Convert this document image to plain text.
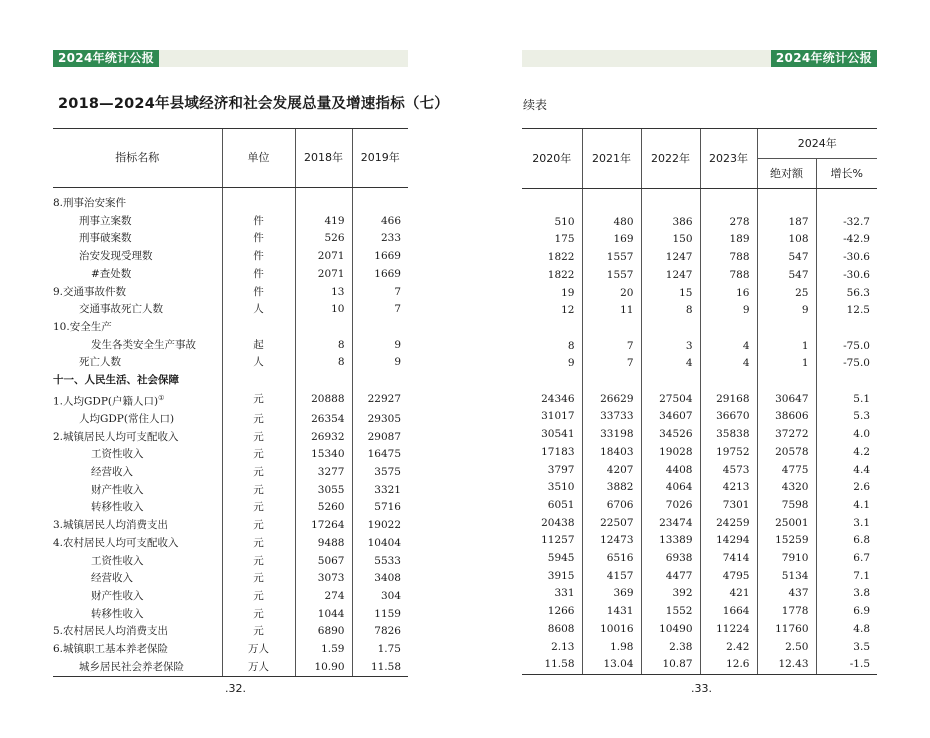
2024年统计公报
2018—2024年县域经济和社会发展总量及增速指标（七）
指标名称	单位	2018年	2019年
8.刑事治安案件			
刑事立案数	件	419	466
刑事破案数	件	526	233
治安发现受理数	件	2071	1669
#查处数	件	2071	1669
9.交通事故件数	件	13	7
交通事故死亡人数	人	10	7
10.安全生产			
发生各类安全生产事故	起	8	9
死亡人数	人	8	9
十一、人民生活、社会保障			
1.人均GDP(户籍人口)①	元	20888	22927
人均GDP(常住人口)	元	26354	29305
2.城镇居民人均可支配收入	元	26932	29087
工资性收入	元	15340	16475
经营收入	元	3277	3575
财产性收入	元	3055	3321
转移性收入	元	5260	5716
3.城镇居民人均消费支出	元	17264	19022
4.农村居民人均可支配收入	元	9488	10404
工资性收入	元	5067	5533
经营收入	元	3073	3408
财产性收入	元	274	304
转移性收入	元	1044	1159
5.农村居民人均消费支出	元	6890	7826
6.城镇职工基本养老保险	万人	1.59	1.75
城乡居民社会养老保险	万人	10.90	11.58
.32.
2024年统计公报
续表
2020年	2021年	2022年	2023年	2024年	
				绝对额	增长%

510	480	386	278	187	-32.7
175	169	150	189	108	-42.9
1822	1557	1247	788	547	-30.6
1822	1557	1247	788	547	-30.6
19	20	15	16	25	56.3
12	11	8	9	9	12.5

8	7	3	4	1	-75.0
9	7	4	4	1	-75.0

24346	26629	27504	29168	30647	5.1
31017	33733	34607	36670	38606	5.3
30541	33198	34526	35838	37272	4.0
17183	18403	19028	19752	20578	4.2
3797	4207	4408	4573	4775	4.4
3510	3882	4064	4213	4320	2.6
6051	6706	7026	7301	7598	4.1
20438	22507	23474	24259	25001	3.1
11257	12473	13389	14294	15259	6.8
5945	6516	6938	7414	7910	6.7
3915	4157	4477	4795	5134	7.1
331	369	392	421	437	3.8
1266	1431	1552	1664	1778	6.9
8608	10016	10490	11224	11760	4.8
2.13	1.98	2.38	2.42	2.50	3.5
11.58	13.04	10.87	12.6	12.43	-1.5
.33.
